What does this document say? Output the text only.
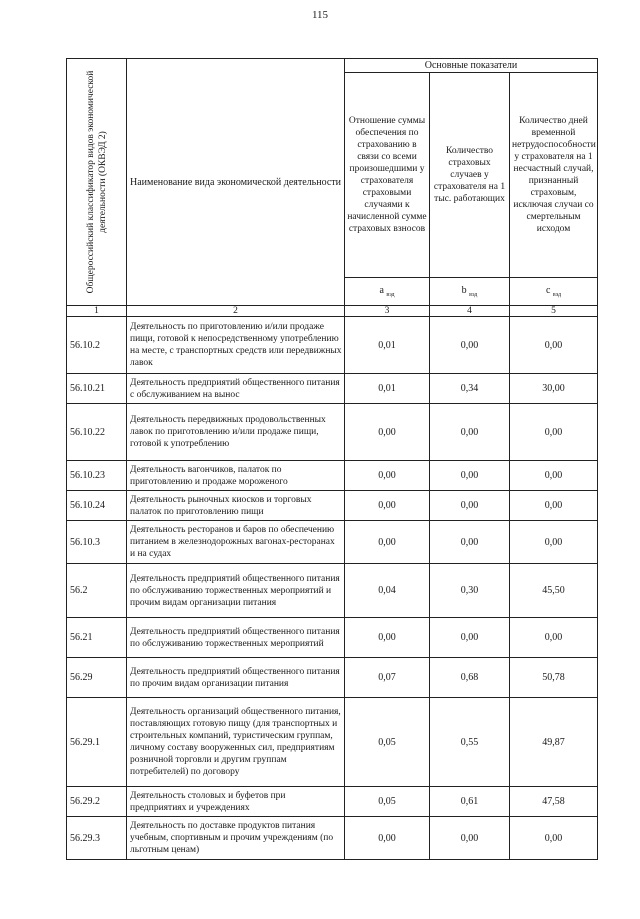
115
Общероссийский классификатор видов экономической деятельности (ОКВЭД 2)	Наименование вида экономической деятельности	Основные показатели		
		Отношение суммы обеспечения по страхованию в связи со всеми произошедшими у страхователя страховыми случаями к начисленной сумме страховых взносов	Количество страховых случаев у страхователя на 1 тыс. работающих	Количество дней временной нетрудоспособности у страхователя на 1 несчастный случай, признанный страховым, исключая случаи со смертельным исходом
		a $_{вэд}$	b $_{вэд}$	c $_{вэд}$
1	2	3	4	5
56.10.2	Деятельность по приготовлению и/или продаже пищи, готовой к непосредственному употреблению на месте, с транспортных средств или передвижных лавок	0,01	0,00	0,00
56.10.21	Деятельность предприятий общественного питания с обслуживанием на вынос	0,01	0,34	30,00
56.10.22	Деятельность передвижных продовольственных лавок по приготовлению и/или продаже пищи, готовой к употреблению	0,00	0,00	0,00
56.10.23	Деятельность вагончиков, палаток по приготовлению и продаже мороженого	0,00	0,00	0,00
56.10.24	Деятельность рыночных киосков и торговых палаток по приготовлению пищи	0,00	0,00	0,00
56.10.3	Деятельность ресторанов и баров по обеспечению питанием в железнодорожных вагонах-ресторанах и на судах	0,00	0,00	0,00
56.2	Деятельность предприятий общественного питания по обслуживанию торжественных мероприятий и прочим видам организации питания	0,04	0,30	45,50
56.21	Деятельность предприятий общественного питания по обслуживанию торжественных мероприятий	0,00	0,00	0,00
56.29	Деятельность предприятий общественного питания по прочим видам организации питания	0,07	0,68	50,78
56.29.1	Деятельность организаций общественного питания, поставляющих готовую пищу (для транспортных и строительных компаний, туристическим группам, личному составу вооруженных сил, предприятиям розничной торговли и другим группам потребителей) по договору	0,05	0,55	49,87
56.29.2	Деятельность столовых и буфетов при предприятиях и учреждениях	0,05	0,61	47,58
56.29.3	Деятельность по доставке продуктов питания учебным, спортивным и прочим учреждениям (по льготным ценам)	0,00	0,00	0,00
